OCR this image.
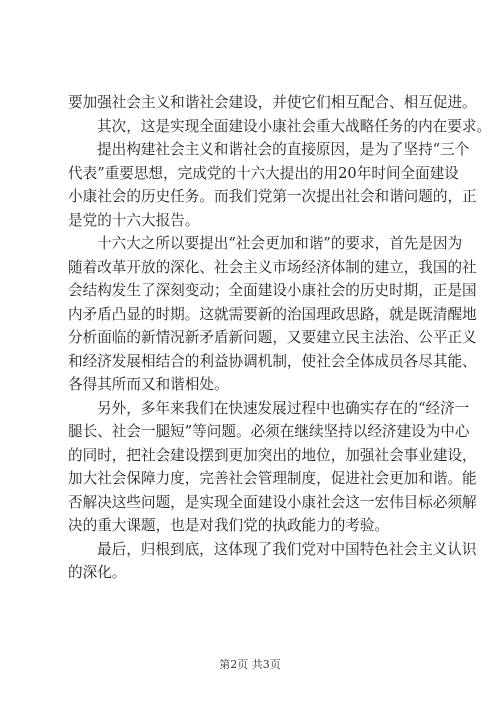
要加强社会主义和谐社会建设，并使它们相互配合、相互促进。
其次，这是实现全面建设小康社会重大战略任务的内在要求。
提出构建社会主义和谐社会的直接原因，是为了坚持“三个
代表”重要思想，完成党的十六大提出的用20年时间全面建设
小康社会的历史任务。而我们党第一次提出社会和谐问题的，正
是党的十六大报告。
十六大之所以要提出“社会更加和谐”的要求，首先是因为
随着改革开放的深化、社会主义市场经济体制的建立，我国的社
会结构发生了深刻变动；全面建设小康社会的历史时期，正是国
内矛盾凸显的时期。这就需要新的治国理政思路，就是既清醒地
分析面临的新情况新矛盾新问题，又要建立民主法治、公平正义
和经济发展相结合的利益协调机制，使社会全体成员各尽其能、
各得其所而又和谐相处。
另外，多年来我们在快速发展过程中也确实存在的“经济一
腿长、社会一腿短”等问题。必须在继续坚持以经济建设为中心
的同时，把社会建设摆到更加突出的地位，加强社会事业建设，
加大社会保障力度，完善社会管理制度，促进社会更加和谐。能
否解决这些问题，是实现全面建设小康社会这一宏伟目标必须解
决的重大课题，也是对我们党的执政能力的考验。
最后，归根到底，这体现了我们党对中国特色社会主义认识
的深化。
第2页 共3页
